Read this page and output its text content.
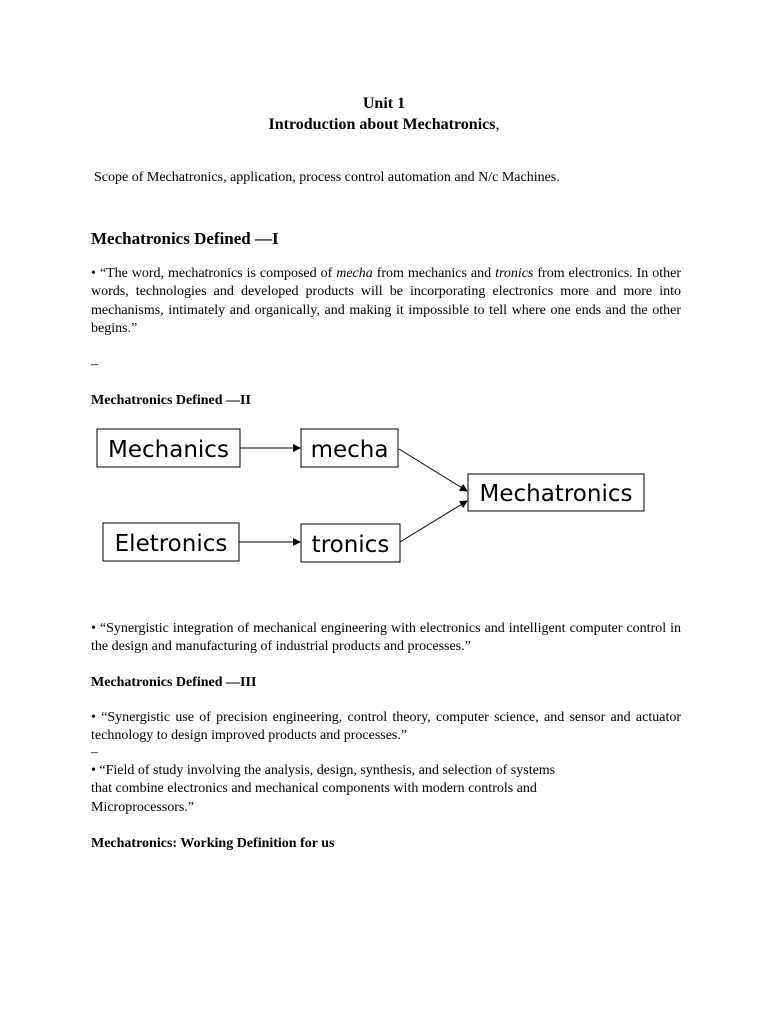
Unit 1
Introduction about Mechatronics,
Scope of Mechatronics, application, process control automation and N/c Machines.
Mechatronics Defined —I
• “The word, mechatronics is composed of mecha from mechanics and tronics from electronics. In other words, technologies and developed products will be incorporating electronics more and more into mechanisms, intimately and organically, and making it impossible to tell where one ends and the other begins.”
–
Mechatronics Defined —II
Mechanics	mecha
Eletronics	tronics
Mechatronics
• “Synergistic integration of mechanical engineering with electronics and intelligent computer control in the design and manufacturing of industrial products and processes.”
Mechatronics Defined —III
• “Synergistic use of precision engineering, control theory, computer science, and sensor and actuator technology to design improved products and processes.”
–
• “Field of study involving the analysis, design, synthesis, and selection of systems
that combine electronics and mechanical components with modern controls and
Microprocessors.”
Mechatronics: Working Definition for us
